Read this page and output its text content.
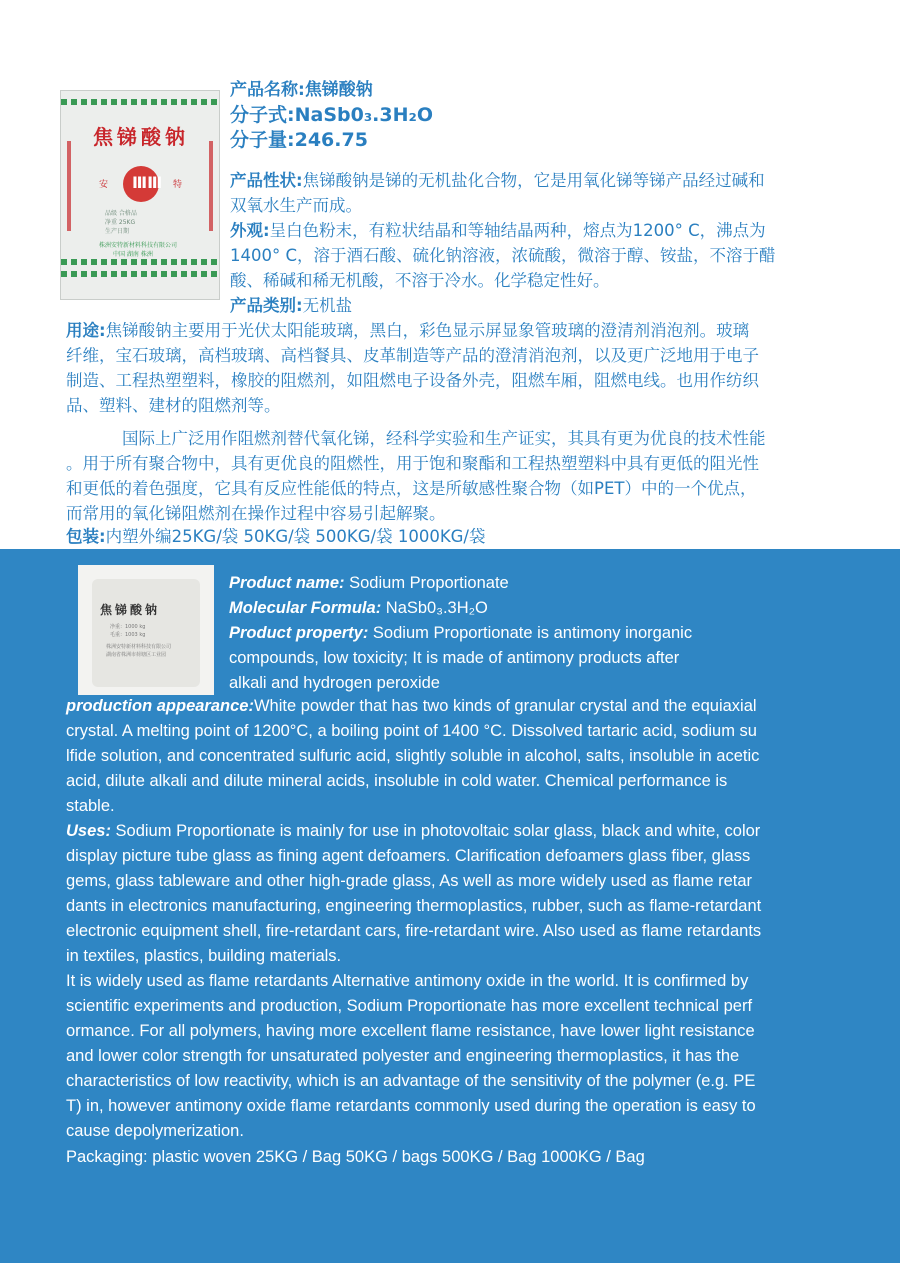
焦锑酸钠
ⅢⅢ
安	特
品级 合格品
净重 25KG
生产日期
株洲安特新材料科技有限公司
中国 湖南 株洲
产品名称:焦锑酸钠
分子式:NaSb0₃.3H₂O
分子量:246.75
产品性状:焦锑酸钠是锑的无机盐化合物，它是用氧化锑等锑产品经过碱和
双氧水生产而成。
外观:呈白色粉末，有粒状结晶和等轴结晶两种，熔点为1200° C，沸点为
1400° C，溶于酒石酸、硫化钠溶液，浓硫酸，微溶于醇、铵盐，不溶于醋
酸、稀碱和稀无机酸，不溶于冷水。化学稳定性好。
产品类别:无机盐
用途:焦锑酸钠主要用于光伏太阳能玻璃，黑白，彩色显示屏显象管玻璃的澄清剂消泡剂。玻璃
纤维，宝石玻璃，高档玻璃、高档餐具、皮革制造等产品的澄清消泡剂，以及更广泛地用于电子
制造、工程热塑塑料，橡胶的阻燃剂，如阻燃电子设备外壳，阻燃车厢，阻燃电线。也用作纺织
品、塑料、建材的阻燃剂等。
国际上广泛用作阻燃剂替代氧化锑，经科学实验和生产证实，其具有更为优良的技术性能
。用于所有聚合物中，具有更优良的阻燃性，用于饱和聚酯和工程热塑塑料中具有更低的阻光性
和更低的着色强度，它具有反应性能低的特点，这是所敏感性聚合物（如PET）中的一个优点，
而常用的氧化锑阻燃剂在操作过程中容易引起解聚。
包装:内塑外编25KG/袋 50KG/袋 500KG/袋 1000KG/袋
焦锑酸钠
净重：1000 kg
毛重：1003 kg
株洲安特新材料科技有限公司
湖南省株洲市荷塘区工业园
Product name: Sodium Proportionate
Molecular Formula: NaSb0₃.3H₂O
Product property: Sodium Proportionate is antimony inorganic
compounds, low toxicity; It is made of antimony products after
alkali and hydrogen peroxide
production appearance:White powder that has two kinds of granular crystal and the equiaxial
crystal. A melting point of 1200°C, a boiling point of 1400 °C. Dissolved tartaric acid, sodium su
lfide solution, and concentrated sulfuric acid, slightly soluble in alcohol, salts, insoluble in acetic
acid, dilute alkali and dilute mineral acids, insoluble in cold water. Chemical performance is
stable.
Uses: Sodium Proportionate is mainly for use in photovoltaic solar glass, black and white, color
display picture tube glass as fining agent defoamers. Clarification defoamers glass fiber, glass
gems, glass tableware and other high-grade glass, As well as more widely used as flame retar
dants in electronics manufacturing, engineering thermoplastics, rubber, such as flame-retardant
electronic equipment shell, fire-retardant cars, fire-retardant wire. Also used as flame retardants
in textiles, plastics, building materials.
It is widely used as flame retardants Alternative antimony oxide in the world. It is confirmed by
scientific experiments and production, Sodium Proportionate has more excellent technical perf
ormance. For all polymers, having more excellent flame resistance, have lower light resistance
and lower color strength for unsaturated polyester and engineering thermoplastics, it has the
characteristics of low reactivity, which is an advantage of the sensitivity of the polymer (e.g. PE
T) in, however antimony oxide flame retardants commonly used during the operation is easy to
cause depolymerization.
Packaging: plastic woven 25KG / Bag 50KG / bags 500KG / Bag 1000KG / Bag
